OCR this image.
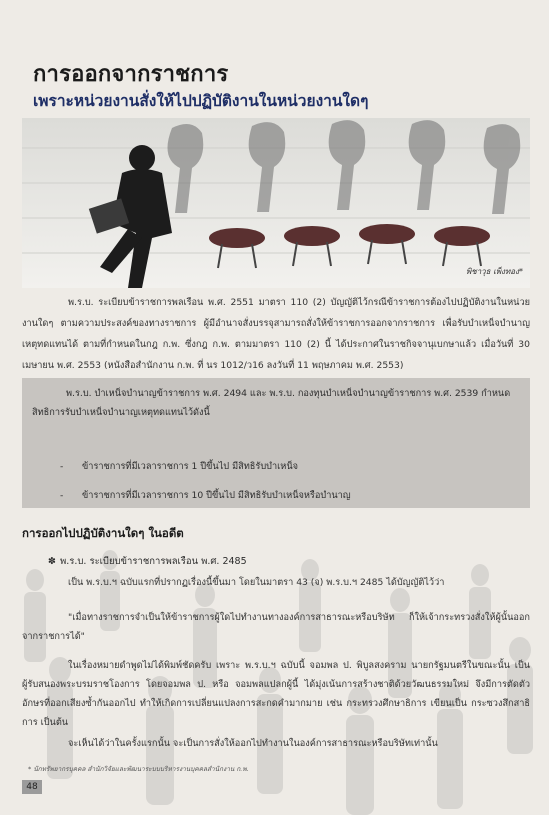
การออกจากราชการ
เพราะหน่วยงานสั่งให้ไปปฏิบัติงานในหน่วยงานใดๆ
พิชาวุธ เพ็งทอง*
พ.ร.บ. ระเบียบข้าราชการพลเรือน พ.ศ. 2551 มาตรา 110 (2) บัญญัติไว้กรณีข้าราชการต้องไปปฏิบัติงานในหน่วยงานใดๆ ตามความประสงค์ของทางราชการ ผู้มีอำนาจสั่งบรรจุสามารถสั่งให้ข้าราชการออกจากราชการ เพื่อรับบำเหน็จบำนาญเหตุทดแทนได้ ตามที่กำหนดในกฎ ก.พ. ซึ่งกฎ ก.พ. ตามมาตรา 110 (2) นี้ ได้ประกาศในราชกิจจานุเบกษาแล้ว เมื่อวันที่ 30 เมษายน พ.ศ. 2553 (หนังสือสำนักงาน ก.พ. ที่ นร 1012/ว16 ลงวันที่ 11 พฤษภาคม พ.ศ. 2553)
พ.ร.บ. บำเหน็จบำนาญข้าราชการ พ.ศ. 2494 และ พ.ร.บ. กองทุนบำเหน็จบำนาญข้าราชการ พ.ศ. 2539 กำหนดสิทธิการรับบำเหน็จบำนาญเหตุทดแทนไว้ดังนี้
- ข้าราชการที่มีเวลาราชการ 1 ปีขึ้นไป มีสิทธิรับบำเหน็จ
- ข้าราชการที่มีเวลาราชการ 10 ปีขึ้นไป มีสิทธิรับบำเหน็จหรือบำนาญ
การออกไปปฏิบัติงานใดๆ ในอดีต
✽ พ.ร.บ. ระเบียบข้าราชการพลเรือน พ.ศ. 2485
เป็น พ.ร.บ.ฯ ฉบับแรกที่ปรากฏเรื่องนี้ขึ้นมา โดยในมาตรา 43 (จ) พ.ร.บ.ฯ 2485 ได้บัญญัติไว้ว่า
"เมื่อทางราชการจำเป็นให้ข้าราชการผู้ใดไปทำงานทางองค์การสาธารณะหรือบริษัท ก็ให้เจ้ากระทรวงสั่งให้ผู้นั้นออกจากราชการได้"
ในเรื่องหมายดำพูดไม่ได้พิมพ์ชัดครับ เพราะ พ.ร.บ.ฯ ฉบับนี้ จอมพล ป. พิบูลสงคราม นายกรัฐมนตรีในขณะนั้น เป็นผู้รับสนองพระบรมราชโองการ โดยจอมพล ป. หรือ จอมพลแปลกผู้นี้ ได้มุ่งเน้นการสร้างชาติด้วยวัฒนธรรมใหม่ จึงมีการตัดตัวอักษรที่ออกเสียงซ้ำกันออกไป ทำให้เกิดการเปลี่ยนแปลงการสะกดคำมากมาย เช่น กระทรวงศึกษาธิการ เขียนเป็น กระซวงสึกสาธิการ เป็นต้น
จะเห็นได้ว่าในครั้งแรกนั้น จะเป็นการสั่งให้ออกไปทำงานในองค์การสาธารณะหรือบริษัทเท่านั้น
* นักทรัพยากรบุคคล สำนักวิจัยและพัฒนาระบบบริหารงานบุคคลสำนักงาน ก.พ.
48
